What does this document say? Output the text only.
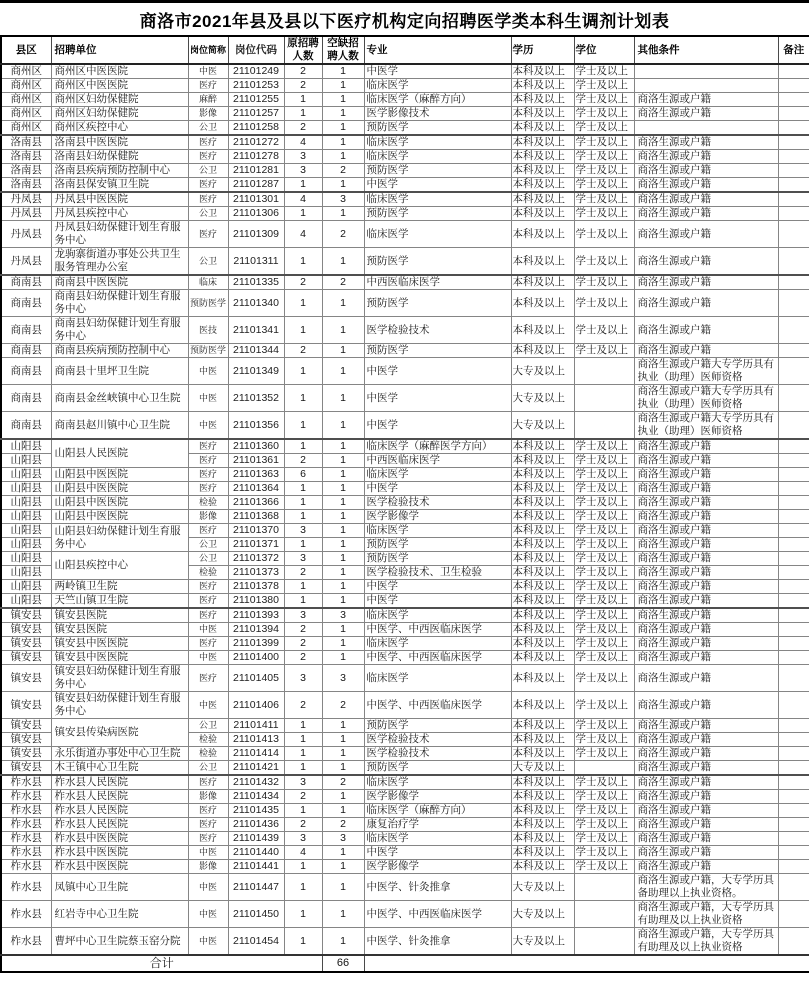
商洛市2021年县及县以下医疗机构定向招聘医学类本科生调剂计划表
县区	招聘单位	岗位简称	岗位代码	原招聘人数	空缺招聘人数	专业	学历	学位	其他条件	备注
商州区	商州区中医医院	中医	21101249	2	1	中医学	本科及以上	学士及以上		
商州区	商州区中医医院	医疗	21101253	2	1	临床医学	本科及以上	学士及以上		
商州区	商州区妇幼保健院	麻醉	21101255	1	1	临床医学（麻醉方向）	本科及以上	学士及以上	商洛生源或户籍	
商州区	商州区妇幼保健院	影像	21101257	1	1	医学影像技术	本科及以上	学士及以上	商洛生源或户籍	
商州区	商州区疾控中心	公卫	21101258	2	1	预防医学	本科及以上	学士及以上		
洛南县	洛南县中医医院	医疗	21101272	4	1	临床医学	本科及以上	学士及以上	商洛生源或户籍	
洛南县	洛南县妇幼保健院	医疗	21101278	3	1	临床医学	本科及以上	学士及以上	商洛生源或户籍	
洛南县	洛南县疾病预防控制中心	公卫	21101281	3	2	预防医学	本科及以上	学士及以上	商洛生源或户籍	
洛南县	洛南县保安镇卫生院	医疗	21101287	1	1	中医学	本科及以上	学士及以上	商洛生源或户籍	
丹凤县	丹凤县中医医院	医疗	21101301	4	3	临床医学	本科及以上	学士及以上	商洛生源或户籍	
丹凤县	丹凤县疾控中心	公卫	21101306	1	1	预防医学	本科及以上	学士及以上	商洛生源或户籍	
丹凤县	丹凤县妇幼保健计划生育服务中心	医疗	21101309	4	2	临床医学	本科及以上	学士及以上	商洛生源或户籍	
丹凤县	龙驹寨街道办事处公共卫生服务管理办公室	公卫	21101311	1	1	预防医学	本科及以上	学士及以上	商洛生源或户籍	
商南县	商南县中医医院	临床	21101335	2	2	中西医临床医学	本科及以上	学士及以上	商洛生源或户籍	
商南县	商南县妇幼保健计划生育服务中心	预防医学	21101340	1	1	预防医学	本科及以上	学士及以上	商洛生源或户籍	
商南县	商南县妇幼保健计划生育服务中心	医技	21101341	1	1	医学检验技术	本科及以上	学士及以上	商洛生源或户籍	
商南县	商南县疾病预防控制中心	预防医学	21101344	2	1	预防医学	本科及以上	学士及以上	商洛生源或户籍	
商南县	商南县十里坪卫生院	中医	21101349	1	1	中医学	大专及以上		商洛生源或户籍大专学历具有执业（助理）医师资格	
商南县	商南县金丝峡镇中心卫生院	中医	21101352	1	1	中医学	大专及以上		商洛生源或户籍大专学历具有执业（助理）医师资格	
商南县	商南县赵川镇中心卫生院	中医	21101356	1	1	中医学	大专及以上		商洛生源或户籍大专学历具有执业（助理）医师资格	
山阳县	山阳县人民医院	医疗	21101360	1	1	临床医学（麻醉医学方向）	本科及以上	学士及以上	商洛生源或户籍	
山阳县		医疗	21101361	2	1	中西医临床医学	本科及以上	学士及以上	商洛生源或户籍	
山阳县	山阳县中医医院	医疗	21101363	6	1	临床医学	本科及以上	学士及以上	商洛生源或户籍	
山阳县	山阳县中医医院	医疗	21101364	1	1	中医学	本科及以上	学士及以上	商洛生源或户籍	
山阳县	山阳县中医医院	检验	21101366	1	1	医学检验技术	本科及以上	学士及以上	商洛生源或户籍	
山阳县	山阳县中医医院	影像	21101368	1	1	医学影像学	本科及以上	学士及以上	商洛生源或户籍	
山阳县	山阳县妇幼保健计划生育服务中心	医疗	21101370	3	1	临床医学	本科及以上	学士及以上	商洛生源或户籍	
山阳县		公卫	21101371	1	1	预防医学	本科及以上	学士及以上	商洛生源或户籍	
山阳县	山阳县疾控中心	公卫	21101372	3	1	预防医学	本科及以上	学士及以上	商洛生源或户籍	
山阳县		检验	21101373	2	1	医学检验技术、卫生检验	本科及以上	学士及以上	商洛生源或户籍	
山阳县	两岭镇卫生院	医疗	21101378	1	1	中医学	本科及以上	学士及以上	商洛生源或户籍	
山阳县	天竺山镇卫生院	医疗	21101380	1	1	中医学	本科及以上	学士及以上	商洛生源或户籍	
镇安县	镇安县医院	医疗	21101393	3	3	临床医学	本科及以上	学士及以上	商洛生源或户籍	
镇安县	镇安县医院	中医	21101394	2	1	中医学、中西医临床医学	本科及以上	学士及以上	商洛生源或户籍	
镇安县	镇安县中医医院	医疗	21101399	2	1	临床医学	本科及以上	学士及以上	商洛生源或户籍	
镇安县	镇安县中医医院	中医	21101400	2	1	中医学、中西医临床医学	本科及以上	学士及以上	商洛生源或户籍	
镇安县	镇安县妇幼保健计划生育服务中心	医疗	21101405	3	3	临床医学	本科及以上	学士及以上	商洛生源或户籍	
镇安县	镇安县妇幼保健计划生育服务中心	中医	21101406	2	2	中医学、中西医临床医学	本科及以上	学士及以上	商洛生源或户籍	
镇安县	镇安县传染病医院	公卫	21101411	1	1	预防医学	本科及以上	学士及以上	商洛生源或户籍	
镇安县		检验	21101413	1	1	医学检验技术	本科及以上	学士及以上	商洛生源或户籍	
镇安县	永乐街道办事处中心卫生院	检验	21101414	1	1	医学检验技术	本科及以上	学士及以上	商洛生源或户籍	
镇安县	木王镇中心卫生院	公卫	21101421	1	1	预防医学	大专及以上		商洛生源或户籍	
柞水县	柞水县人民医院	医疗	21101432	3	2	临床医学	本科及以上	学士及以上	商洛生源或户籍	
柞水县	柞水县人民医院	影像	21101434	2	1	医学影像学	本科及以上	学士及以上	商洛生源或户籍	
柞水县	柞水县人民医院	医疗	21101435	1	1	临床医学（麻醉方向）	本科及以上	学士及以上	商洛生源或户籍	
柞水县	柞水县人民医院	医疗	21101436	2	2	康复治疗学	本科及以上	学士及以上	商洛生源或户籍	
柞水县	柞水县中医医院	医疗	21101439	3	3	临床医学	本科及以上	学士及以上	商洛生源或户籍	
柞水县	柞水县中医医院	中医	21101440	4	1	中医学	本科及以上	学士及以上	商洛生源或户籍	
柞水县	柞水县中医医院	影像	21101441	1	1	医学影像学	本科及以上	学士及以上	商洛生源或户籍	
柞水县	凤镇中心卫生院	中医	21101447	1	1	中医学、针灸推拿	大专及以上		商洛生源或户籍，大专学历具备助理以上执业资格。	
柞水县	红岩寺中心卫生院	中医	21101450	1	1	中医学、中西医临床医学	大专及以上		商洛生源或户籍，大专学历具有助理及以上执业资格	
柞水县	曹坪中心卫生院蔡玉窑分院	中医	21101454	1	1	中医学、针灸推拿	大专及以上		商洛生源或户籍，大专学历具有助理及以上执业资格	
合计					66					
